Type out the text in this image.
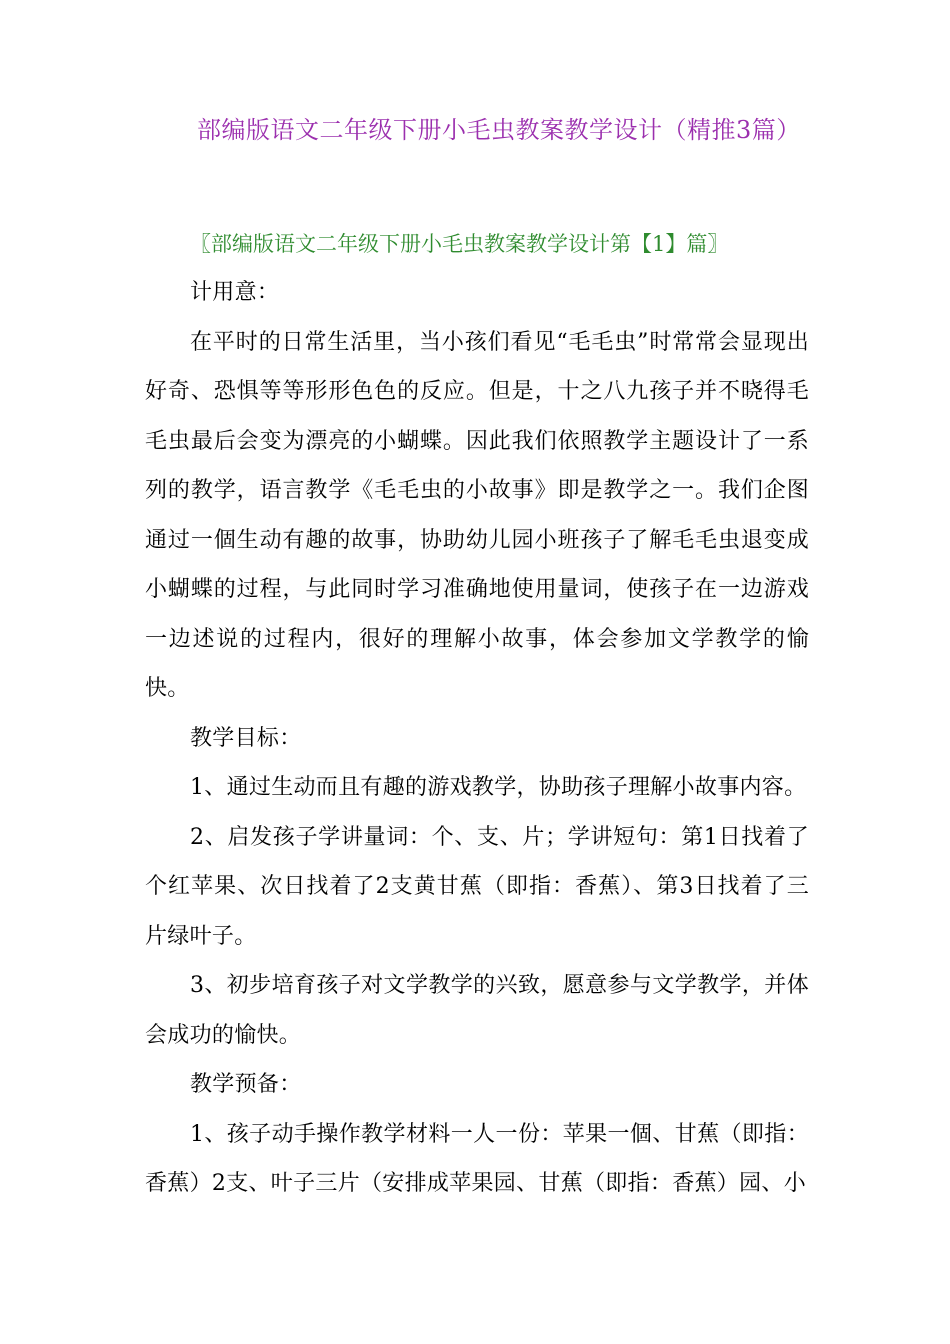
部编版语文二年级下册小毛虫教案教学设计（精推3篇）
〖部编版语文二年级下册小毛虫教案教学设计第【1】篇〗

计用意：

在平时的日常生活里，当小孩们看见“毛毛虫”时常常会显现出好奇、恐惧等等形形色色的反应。但是，十之八九孩子并不晓得毛毛虫最后会变为漂亮的小蝴蝶。因此我们依照教学主题设计了一系列的教学，语言教学《毛毛虫的小故事》即是教学之一。我们企图通过一個生动有趣的故事，协助幼儿园小班孩子了解毛毛虫退变成小蝴蝶的过程，与此同时学习准确地使用量词，使孩子在一边游戏一边述说的过程内，很好的理解小故事，体会参加文学教学的愉快。

教学目标：

1、通过生动而且有趣的游戏教学，协助孩子理解小故事内容。

2、启发孩子学讲量词：个、支、片；学讲短句：第1日找着了个红苹果、次日找着了2支黄甘蕉（即指：香蕉）、第3日找着了三片绿叶子。

3、初步培育孩子对文学教学的兴致，愿意参与文学教学，并体会成功的愉快。

教学预备：

1、孩子动手操作教学材料一人一份：苹果一個、甘蕉（即指：香蕉）2支、叶子三片（安排成苹果园、甘蕉（即指：香蕉）园、小
